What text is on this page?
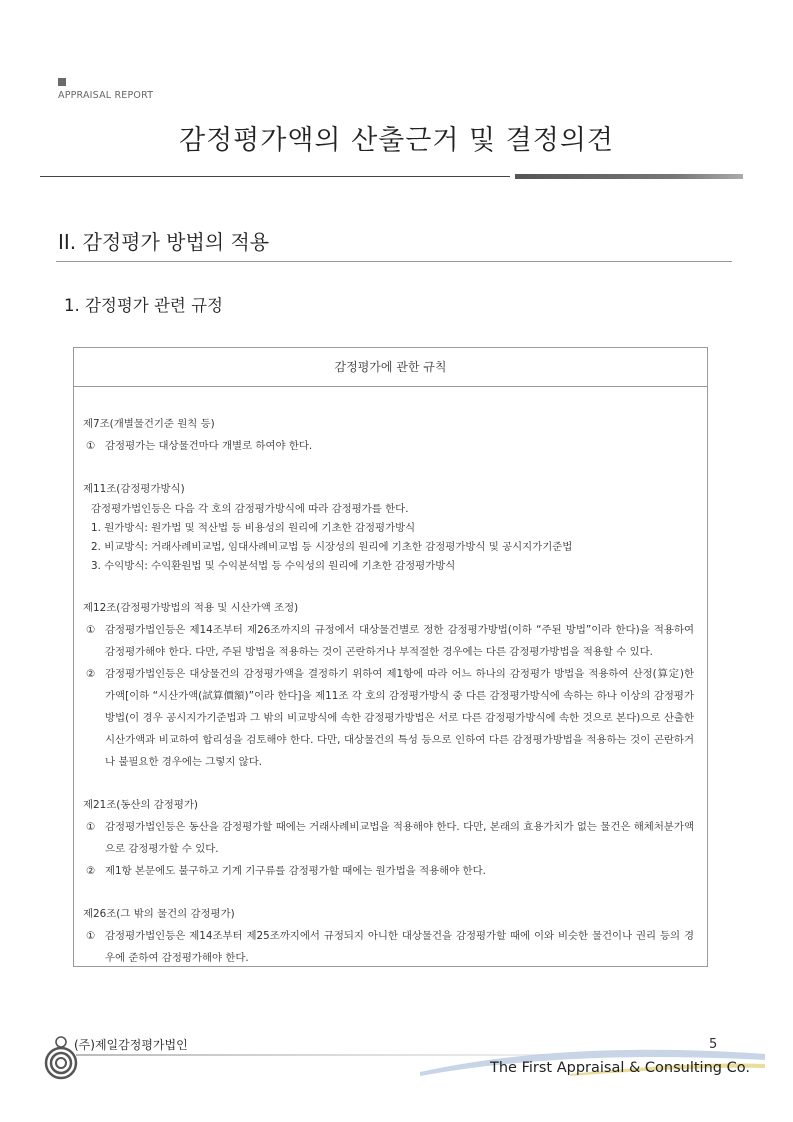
APPRAISAL REPORT
감정평가액의 산출근거 및 결정의견
II. 감정평가 방법의 적용
1. 감정평가 관련 규정
감정평가에 관한 규칙
제7조(개별물건기준 원칙 등)
① 감정평가는 대상물건마다 개별로 하여야 한다.
제11조(감정평가방식)
감정평가법인등은 다음 각 호의 감정평가방식에 따라 감정평가를 한다.
1. 원가방식: 원가법 및 적산법 등 비용성의 원리에 기초한 감정평가방식
2. 비교방식: 거래사례비교법, 임대사례비교법 등 시장성의 원리에 기초한 감정평가방식 및 공시지가기준법
3. 수익방식: 수익환원법 및 수익분석법 등 수익성의 원리에 기초한 감정평가방식
제12조(감정평가방법의 적용 및 시산가액 조정)
① 감정평가법인등은 제14조부터 제26조까지의 규정에서 대상물건별로 정한 감정평가방법(이하 “주된 방법”이라 한다)을 적용하여 감정평가해야 한다. 다만, 주된 방법을 적용하는 것이 곤란하거나 부적절한 경우에는 다른 감정평가방법을 적용할 수 있다.
② 감정평가법인등은 대상물건의 감정평가액을 결정하기 위하여 제1항에 따라 어느 하나의 감정평가 방법을 적용하여 산정(算定)한 가액[이하 “시산가액(試算價額)”이라 한다]을 제11조 각 호의 감정평가방식 중 다른 감정평가방식에 속하는 하나 이상의 감정평가방법(이 경우 공시지가기준법과 그 밖의 비교방식에 속한 감정평가방법은 서로 다른 감정평가방식에 속한 것으로 본다)으로 산출한 시산가액과 비교하여 합리성을 검토해야 한다. 다만, 대상물건의 특성 등으로 인하여 다른 감정평가방법을 적용하는 것이 곤란하거나 불필요한 경우에는 그렇지 않다.
제21조(동산의 감정평가)
① 감정평가법인등은 동산을 감정평가할 때에는 거래사례비교법을 적용해야 한다. 다만, 본래의 효용가치가 없는 물건은 해체처분가액으로 감정평가할 수 있다.
② 제1항 본문에도 불구하고 기계 기구류를 감정평가할 때에는 원가법을 적용해야 한다.
제26조(그 밖의 물건의 감정평가)
① 감정평가법인등은 제14조부터 제25조까지에서 규정되지 아니한 대상물건을 감정평가할 때에 이와 비슷한 물건이나 권리 등의 경우에 준하여 감정평가해야 한다.
(주)제일감정평가법인	5
The First Appraisal & Consulting Co.
